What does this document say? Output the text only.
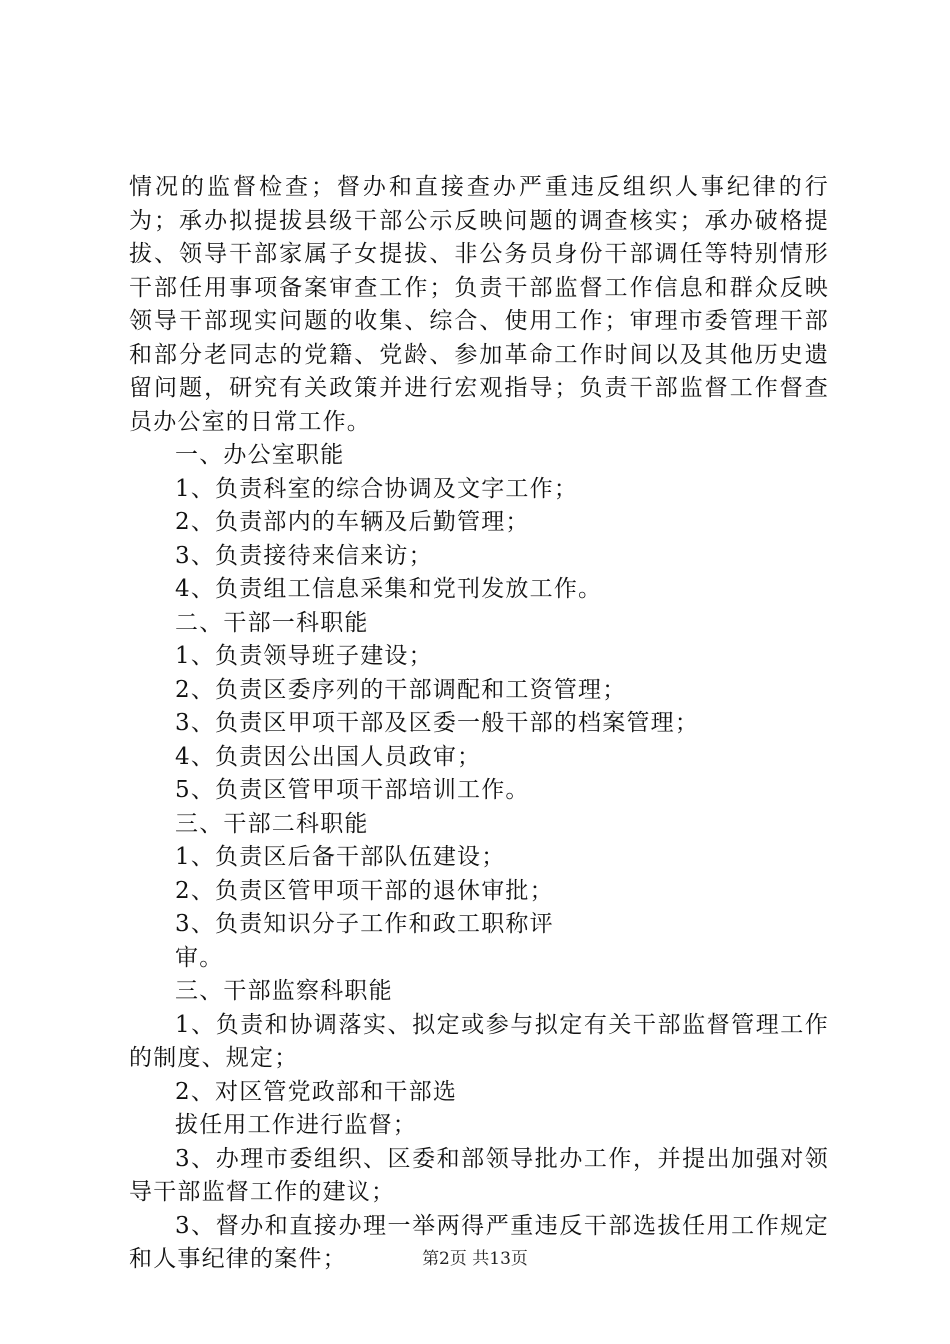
情况的监督检查；督办和直接查办严重违反组织人事纪律的行为；承办拟提拔县级干部公示反映问题的调查核实；承办破格提拔、领导干部家属子女提拔、非公务员身份干部调任等特别情形干部任用事项备案审查工作；负责干部监督工作信息和群众反映领导干部现实问题的收集、综合、使用工作；审理市委管理干部和部分老同志的党籍、党龄、参加革命工作时间以及其他历史遗留问题，研究有关政策并进行宏观指导；负责干部监督工作督查员办公室的日常工作。

一、办公室职能

1、负责科室的综合协调及文字工作；

2、负责部内的车辆及后勤管理；

3、负责接待来信来访；

4、负责组工信息采集和党刊发放工作。

二、干部一科职能

1、负责领导班子建设；

2、负责区委序列的干部调配和工资管理；

3、负责区甲项干部及区委一般干部的档案管理；

4、负责因公出国人员政审；

5、负责区管甲项干部培训工作。

三、干部二科职能

1、负责区后备干部队伍建设；

2、负责区管甲项干部的退休审批；

3、负责知识分子工作和政工职称评

审。

三、干部监察科职能

1、负责和协调落实、拟定或参与拟定有关干部监督管理工作的制度、规定；

2、对区管党政部和干部选

拔任用工作进行监督；

3、办理市委组织、区委和部领导批办工作，并提出加强对领导干部监督工作的建议；

3、督办和直接办理一举两得严重违反干部选拔任用工作规定和人事纪律的案件；	第2页 共13页
